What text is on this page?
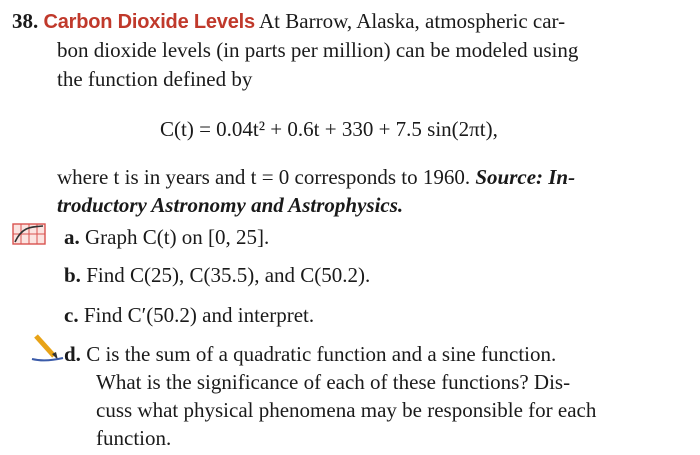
38. Carbon Dioxide Levels At Barrow, Alaska, atmospheric car-
bon dioxide levels (in parts per million) can be modeled using
the function defined by
C(t) = 0.04t² + 0.6t + 330 + 7.5 sin(2πt),
where t is in years and t = 0 corresponds to 1960. Source: In-
troductory Astronomy and Astrophysics.
a. Graph C(t) on [0, 25].
b. Find C(25), C(35.5), and C(50.2).
c. Find C′(50.2) and interpret.
d. C is the sum of a quadratic function and a sine function.
What is the significance of each of these functions? Dis-
cuss what physical phenomena may be responsible for each
function.
